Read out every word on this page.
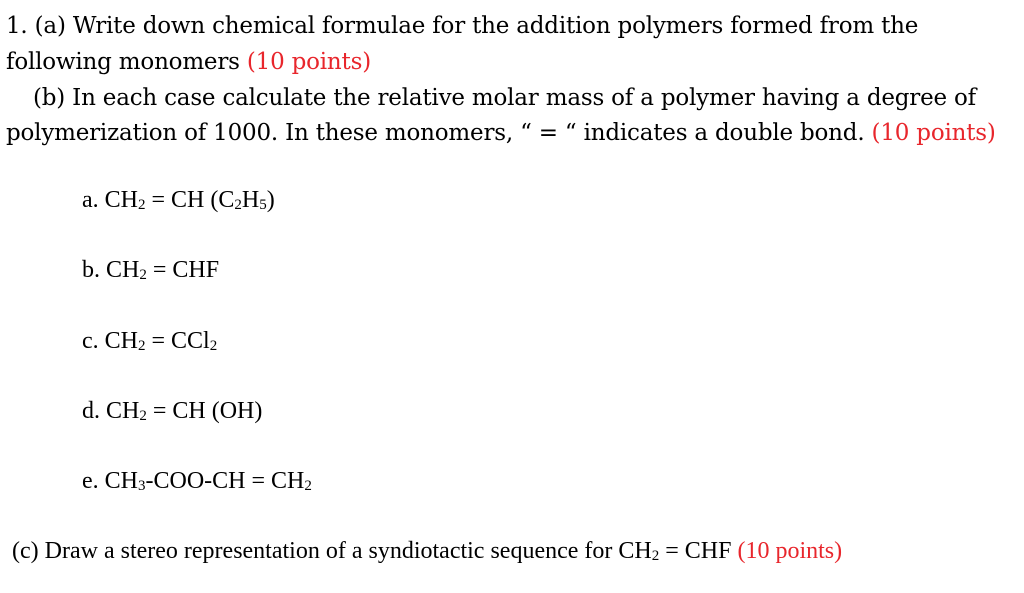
1. (a) Write down chemical formulae for the addition polymers formed from the
following monomers (10 points)
(b) In each case calculate the relative molar mass of a polymer having a degree of
polymerization of 1000. In these monomers, “ = “ indicates a double bond. (10 points)
a. $CH_2$ = CH $(C_2H_5)$
b. $CH_2$ = CHF
c. $CH_2 = CCl_2$
d. $CH_2$ = CH (OH)
e. $CH_3-COO-CH = CH_2$
(c) Draw a stereo representation of a syndiotactic sequence for $CH_2$ = CHF (10 points)
